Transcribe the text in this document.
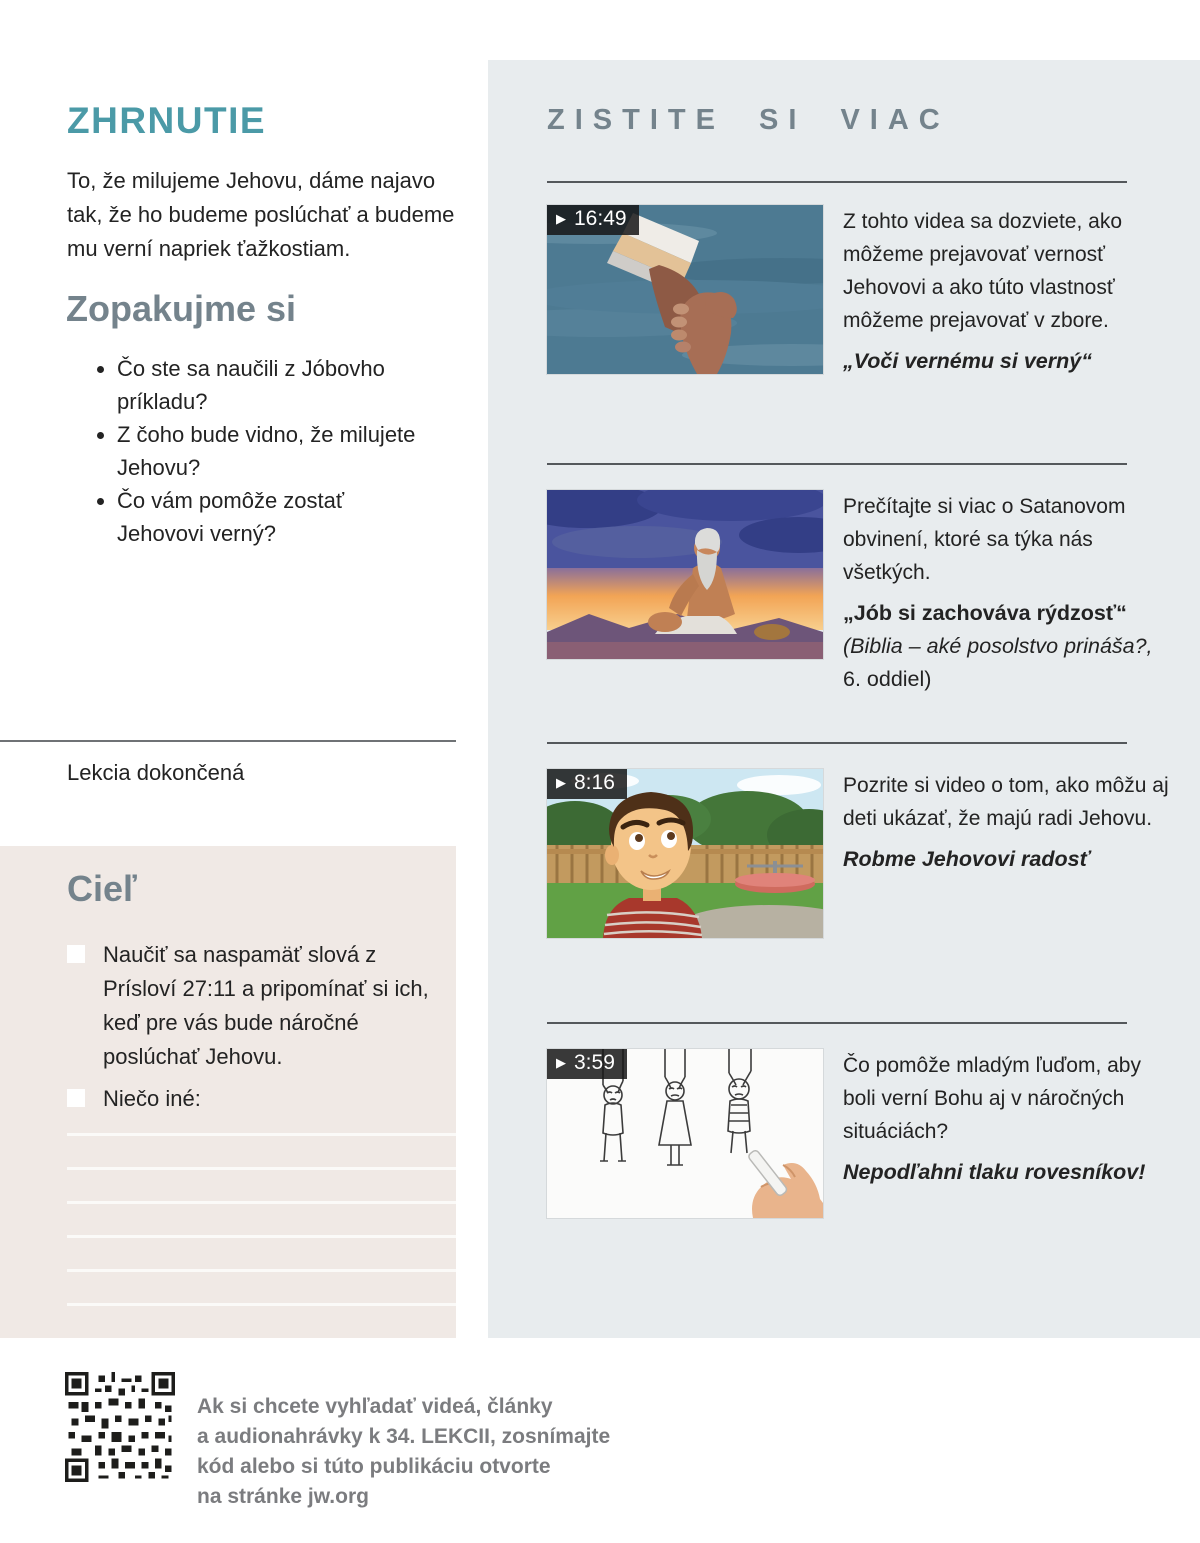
ZISTITE SI VIAC
▶ 16:49	Z tohto videa sa dozviete, ako môžeme prejavovať vernosť Jehovovi a ako túto vlastnosť môžeme prejavovať v zbore.

„Voči vernému si verný“

Prečítajte si viac o Satanovom obvinení, ktoré sa týka nás všetkých.

„Jób si zachováva rýdzosť“

(Biblia – aké posolstvo prináša?,
6. oddiel)

▶ 8:16	Pozrite si video o tom, ako môžu aj deti ukázať, že majú radi Jehovu.

Robme Jehovovi radosť

▶ 3:59	Čo pomôže mladým ľuďom, aby boli verní Bohu aj v náročných situáciách?

Nepodľahni tlaku rovesníkov!

ZHRNUTIE

To, že milujeme Jehovu, dáme najavo tak, že ho budeme poslúchať a budeme mu verní napriek ťažkostiam.

Zopakujme si
• Čo ste sa naučili z Jóbovho príkladu?
• Z čoho bude vidno, že milujete Jehovu?
• Čo vám pomôže zostať Jehovovi verný?

Lekcia dokončená

Cieľ

Naučiť sa naspamäť slová z Prísloví 27:11 a pripomínať si ich, keď pre vás bude náročné poslúchať Jehovu.

Niečo iné:

Ak si chcete vyhľadať videá, články
a audionahrávky k 34. LEKCII, zosnímajte
kód alebo si túto publikáciu otvorte
na stránke jw.org
